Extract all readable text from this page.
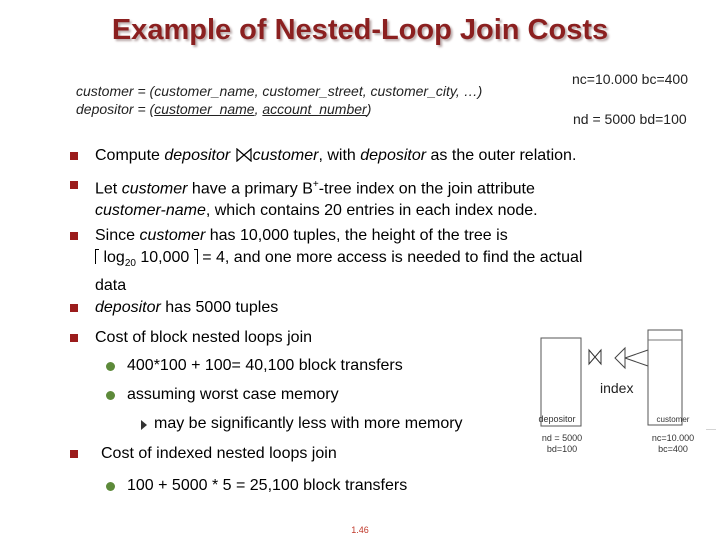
Example of Nested-Loop Join Costs
customer = (customer_name, customer_street, customer_city, …)
depositor = (customer_name, account_number)
nc=10.000 bc=400
nd = 5000 bd=100
Compute depositor customer, with depositor as the outer relation.
Let customer have a primary B+-tree index on the join attribute
customer-name, which contains 20 entries in each index node.
Since customer has 10,000 tuples, the height of the tree is
$\log_{20} 10,000 = 4$, and one more access is needed to find the actual
data
depositor has 5000 tuples
Cost of block nested loops join
400*100 + 100= 40,100 block transfers
assuming worst case memory
may be significantly less with more memory
Cost of indexed nested loops join
100 + 5000 * 5 = 25,100 block transfers
index
depositor
nd = 5000
bd=100
customer
nc=10.000
bc=400
1.46
